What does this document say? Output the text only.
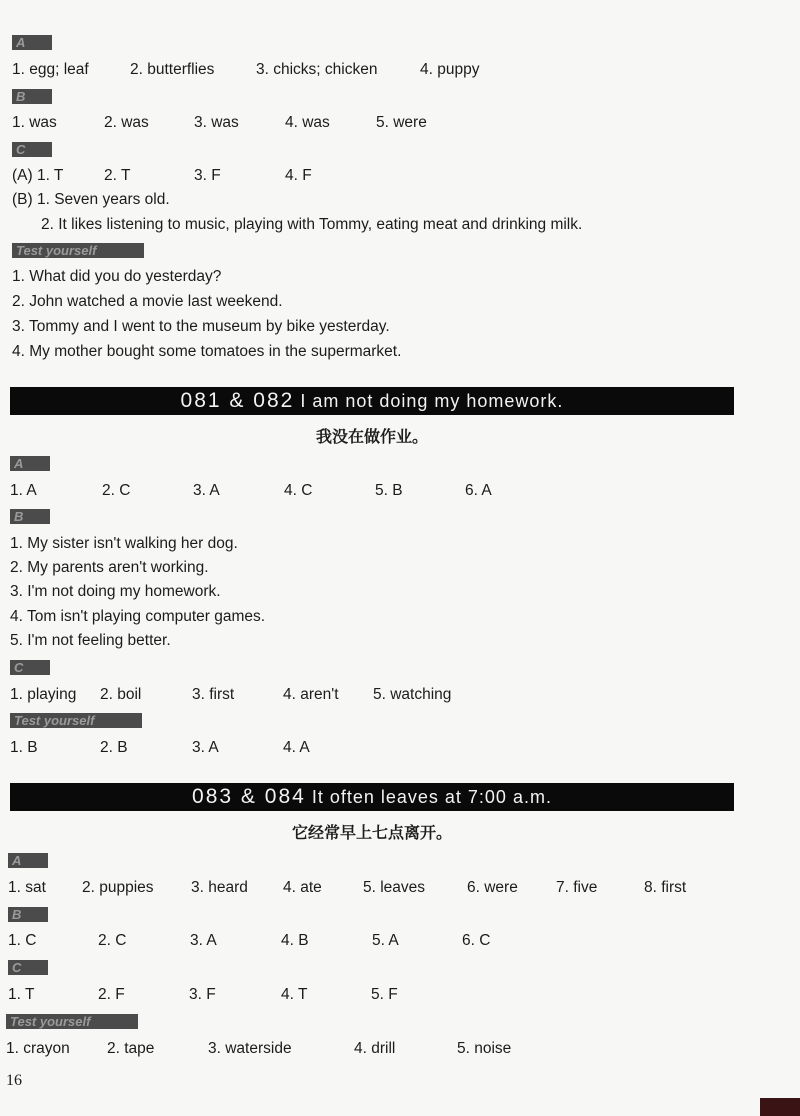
A
1. egg; leaf	2. butterflies	3. chicks; chicken	4. puppy
B
1. was	2. was	3. was	4. was	5. were
C
(A) 1. T	2. T	3. F	4. F
(B) 1. Seven years old.
2. It likes listening to music, playing with Tommy, eating meat and drinking milk.
Test yourself
1. What did you do yesterday?
2. John watched a movie last weekend.
3. Tommy and I went to the museum by bike yesterday.
4. My mother bought some tomatoes in the supermarket.
081 & 082 I am not doing my homework.
我没在做作业。
A
1. A	2. C	3. A	4. C	5. B	6. A
B
1. My sister isn't walking her dog.
2. My parents aren't working.
3. I'm not doing my homework.
4. Tom isn't playing computer games.
5. I'm not feeling better.
C
1. playing 2. boil	3. first	4. aren't 5. watching
Test yourself
1. B	2. B	3. A	4. A
083 & 084 It often leaves at 7:00 a.m.
它经常早上七点离开。
A
1. sat 2. puppies 3. heard 4. ate	5. leaves	6. were 7. five	8. first
B
1. C	2. C	3. A	4. B	5. A	6. C
C
1. T	2. F	3. F	4. T	5. F
Test yourself
1. crayon 2. tape	3. waterside	4. drill	5. noise
16
